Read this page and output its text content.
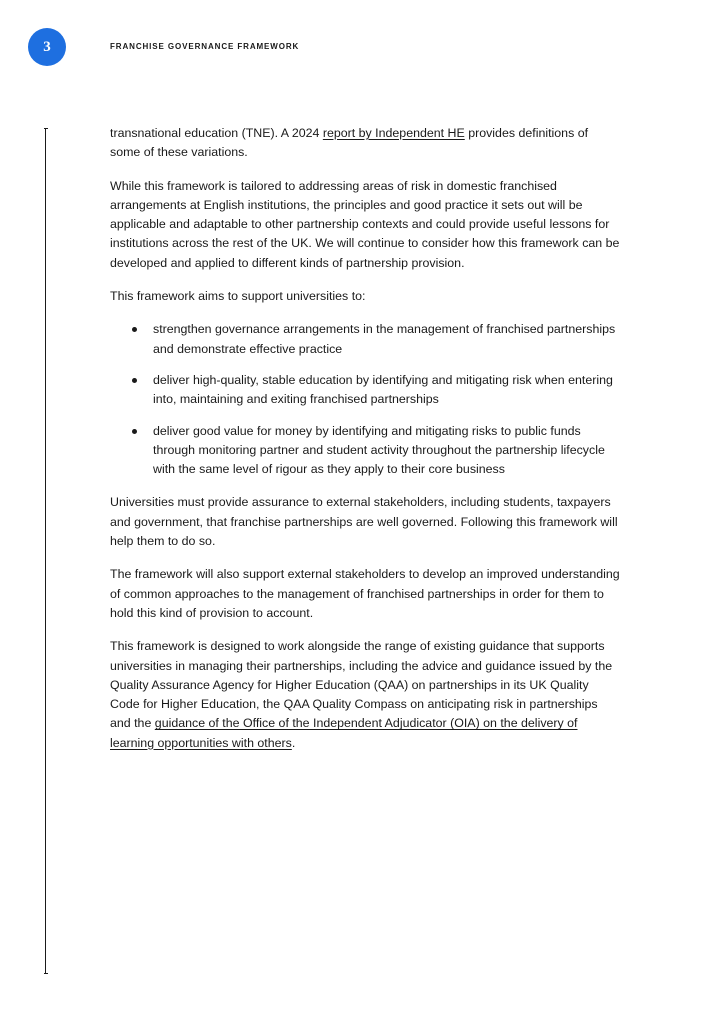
3	FRANCHISE GOVERNANCE FRAMEWORK

transnational education (TNE). A 2024 report by Independent HE provides definitions of some of these variations.

While this framework is tailored to addressing areas of risk in domestic franchised arrangements at English institutions, the principles and good practice it sets out will be applicable and adaptable to other partnership contexts and could provide useful lessons for institutions across the rest of the UK. We will continue to consider how this framework can be developed and applied to different kinds of partnership provision.

This framework aims to support universities to:

strengthen governance arrangements in the management of franchised partnerships and demonstrate effective practice
deliver high-quality, stable education by identifying and mitigating risk when entering into, maintaining and exiting franchised partnerships
deliver good value for money by identifying and mitigating risks to public funds through monitoring partner and student activity throughout the partnership lifecycle with the same level of rigour as they apply to their core business

Universities must provide assurance to external stakeholders, including students, taxpayers and government, that franchise partnerships are well governed. Following this framework will help them to do so.

The framework will also support external stakeholders to develop an improved understanding of common approaches to the management of franchised partnerships in order for them to hold this kind of provision to account.

This framework is designed to work alongside the range of existing guidance that supports universities in managing their partnerships, including the advice and guidance issued by the Quality Assurance Agency for Higher Education (QAA) on partnerships in its UK Quality Code for Higher Education, the QAA Quality Compass on anticipating risk in partnerships and the guidance of the Office of the Independent Adjudicator (OIA) on the delivery of learning opportunities with others.
